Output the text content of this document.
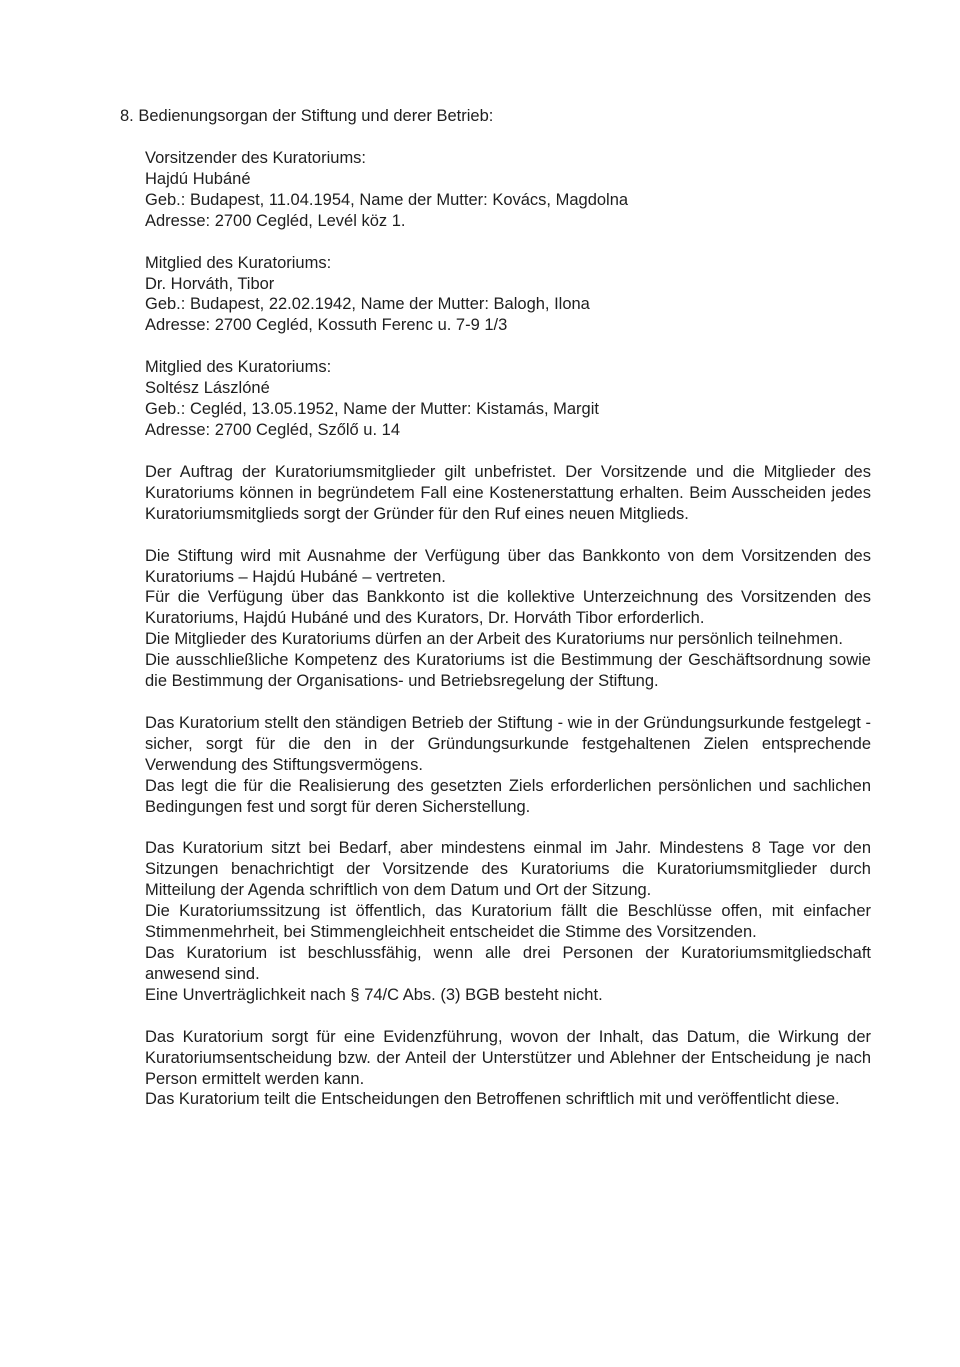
8. Bedienungsorgan der Stiftung und derer Betrieb:
Vorsitzender des Kuratoriums:
Hajdú Hubáné
Geb.: Budapest, 11.04.1954, Name der Mutter: Kovács, Magdolna
Adresse: 2700 Cegléd, Levél köz 1.
Mitglied des Kuratoriums:
Dr. Horváth, Tibor
Geb.: Budapest, 22.02.1942, Name der Mutter: Balogh, Ilona
Adresse: 2700 Cegléd, Kossuth Ferenc u. 7-9 1/3
Mitglied des Kuratoriums:
Soltész Lászlóné
Geb.: Cegléd, 13.05.1952, Name der Mutter: Kistamás, Margit
Adresse: 2700 Cegléd, Szőlő u. 14
Der Auftrag der Kuratoriumsmitglieder gilt unbefristet. Der Vorsitzende und die Mitglieder des Kuratoriums können in begründetem Fall eine Kostenerstattung erhalten. Beim Ausscheiden jedes Kuratoriumsmitglieds sorgt der Gründer für den Ruf eines neuen Mitglieds.
Die Stiftung wird mit Ausnahme der Verfügung über das Bankkonto von dem Vorsitzenden des Kuratoriums – Hajdú Hubáné – vertreten.
Für die Verfügung über das Bankkonto ist die kollektive Unterzeichnung des Vorsitzenden des Kuratoriums, Hajdú Hubáné und des Kurators, Dr. Horváth Tibor erforderlich.
Die Mitglieder des Kuratoriums dürfen an der Arbeit des Kuratoriums nur persönlich teilnehmen.
Die ausschließliche Kompetenz des Kuratoriums ist die Bestimmung der Geschäftsordnung sowie die Bestimmung der Organisations- und Betriebsregelung der Stiftung.
Das Kuratorium stellt den ständigen Betrieb der Stiftung - wie in der Gründungsurkunde festgelegt - sicher, sorgt für die den in der Gründungsurkunde festgehaltenen Zielen entsprechende Verwendung des Stiftungsvermögens.
Das legt die für die Realisierung des gesetzten Ziels erforderlichen persönlichen und sachlichen Bedingungen fest und sorgt für deren Sicherstellung.
Das Kuratorium sitzt bei Bedarf, aber mindestens einmal im Jahr. Mindestens 8 Tage vor den Sitzungen benachrichtigt der Vorsitzende des Kuratoriums die Kuratoriumsmitglieder durch Mitteilung der Agenda schriftlich von dem Datum und Ort der Sitzung.
Die Kuratoriumssitzung ist öffentlich, das Kuratorium fällt die Beschlüsse offen, mit einfacher Stimmenmehrheit, bei Stimmengleichheit entscheidet die Stimme des Vorsitzenden.
Das Kuratorium ist beschlussfähig, wenn alle drei Personen der Kuratoriumsmitgliedschaft anwesend sind.
Eine Unverträglichkeit nach § 74/C Abs. (3) BGB besteht nicht.
Das Kuratorium sorgt für eine Evidenzführung, wovon der Inhalt, das Datum, die Wirkung der Kuratoriumsentscheidung bzw. der Anteil der Unterstützer und Ablehner der Entscheidung je nach Person ermittelt werden kann.
Das Kuratorium teilt die Entscheidungen den Betroffenen schriftlich mit und veröffentlicht diese.
